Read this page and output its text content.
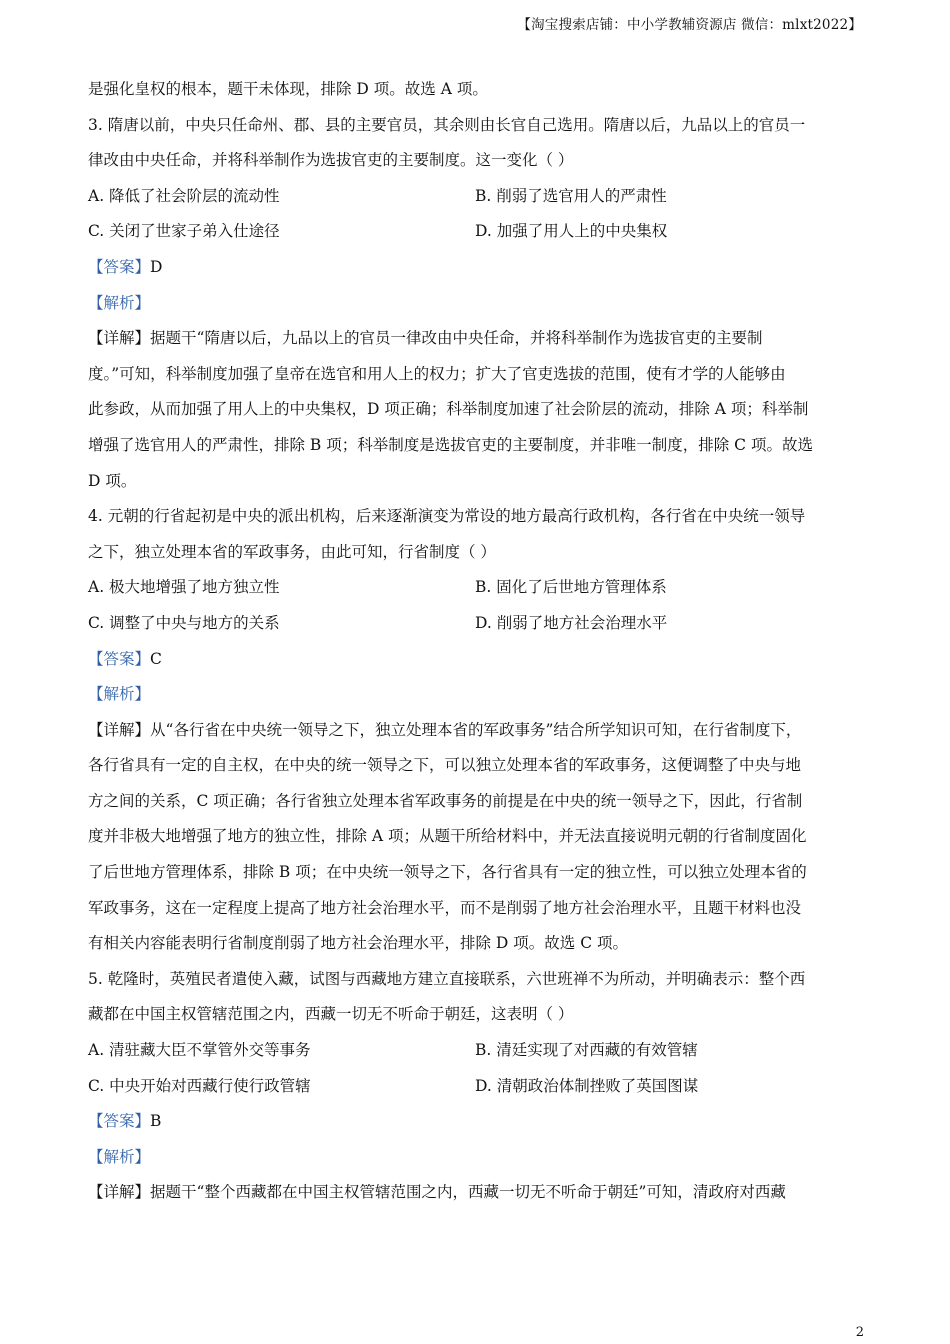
【淘宝搜索店铺：中小学教辅资源店 微信：mlxt2022】
是强化皇权的根本，题干未体现，排除 D 项。故选 A 项。
3. 隋唐以前，中央只任命州、郡、县的主要官员，其余则由长官自己选用。隋唐以后，九品以上的官员一
律改由中央任命，并将科举制作为选拔官吏的主要制度。这一变化（ ）
A. 降低了社会阶层的流动性	B. 削弱了选官用人的严肃性
C. 关闭了世家子弟入仕途径	D. 加强了用人上的中央集权
【答案】D
【解析】
【详解】据题干“隋唐以后，九品以上的官员一律改由中央任命，并将科举制作为选拔官吏的主要制
度。”可知，科举制度加强了皇帝在选官和用人上的权力；扩大了官吏选拔的范围，使有才学的人能够由
此参政，从而加强了用人上的中央集权，D 项正确；科举制度加速了社会阶层的流动，排除 A 项；科举制
增强了选官用人的严肃性，排除 B 项；科举制度是选拔官吏的主要制度，并非唯一制度，排除 C 项。故选
D 项。
4. 元朝的行省起初是中央的派出机构，后来逐渐演变为常设的地方最高行政机构，各行省在中央统一领导
之下，独立处理本省的军政事务，由此可知，行省制度（ ）
A. 极大地增强了地方独立性	B. 固化了后世地方管理体系
C. 调整了中央与地方的关系	D. 削弱了地方社会治理水平
【答案】C
【解析】
【详解】从“各行省在中央统一领导之下，独立处理本省的军政事务”结合所学知识可知，在行省制度下，
各行省具有一定的自主权，在中央的统一领导之下，可以独立处理本省的军政事务，这便调整了中央与地
方之间的关系，C 项正确；各行省独立处理本省军政事务的前提是在中央的统一领导之下，因此，行省制
度并非极大地增强了地方的独立性，排除 A 项；从题干所给材料中，并无法直接说明元朝的行省制度固化
了后世地方管理体系，排除 B 项；在中央统一领导之下，各行省具有一定的独立性，可以独立处理本省的
军政事务，这在一定程度上提高了地方社会治理水平，而不是削弱了地方社会治理水平，且题干材料也没
有相关内容能表明行省制度削弱了地方社会治理水平，排除 D 项。故选 C 项。
5. 乾隆时，英殖民者遣使入藏，试图与西藏地方建立直接联系，六世班禅不为所动，并明确表示：整个西
藏都在中国主权管辖范围之内，西藏一切无不听命于朝廷，这表明（ ）
A. 清驻藏大臣不掌管外交等事务	B. 清廷实现了对西藏的有效管辖
C. 中央开始对西藏行使行政管辖	D. 清朝政治体制挫败了英国图谋
【答案】B
【解析】
【详解】据题干“整个西藏都在中国主权管辖范围之内，西藏一切无不听命于朝廷”可知，清政府对西藏
2
